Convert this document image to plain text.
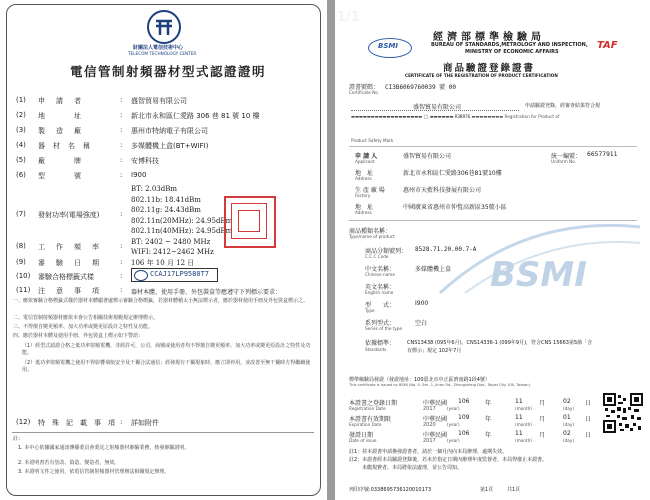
財團法人電信技術中心
TELECOM TECHNOLOGY CENTER
電信管制射頻器材型式認證證明
(1) 申　請　者	: 盛智貿易有限公司
(2) 地　　　址	: 新北市永和區仁愛路 306 巷 81 號 10 樓
(3) 製　造　廠	: 惠州市特納電子有限公司
(4) 器　材　名　稱	: 多媒體機上盒(BT+WIFI)
(5) 廠　　　牌	: 安博科技
(6) 型　　　號	: I900
(7) 發射功率(電場強度)	:
BT: 2.03dBm
802.11b: 18.41dBm
802.11g: 24.43dBm
802.11n(20MHz): 24.95dBm
802.11n(40MHz): 24.95dBm
(8) 工　作　頻　率	: BT: 2402 ~ 2480 MHz
WIFI: 2412~2462 MHz
(9) 審　驗　日　期	: 106 年 10 月 12 日
(10) 審驗合格標籤式樣	:	CCAJ17LP9580T7
(11) 注　意　事　項	: 器材本體、使用手冊、外包裝盒等應遵守下列標示要求：
一、應依審驗合格標籤式樣於器材本體顯著處標示審驗合格標籤，若器材體積太小無法標示者，應於器材使用手冊及外包裝盒標示之。
二、電信管制射頻器材應依本會公告相關技術規範規定辦理標示。
三、不得擅自變更頻率、加大功率或變更原設計之特性及功能。
四、應於器材本體及使用手冊、外包裝盒上標示如下警語：
（1）經型式認證合格之低功率射頻電機，非經許可，公司、商號或使用者均不得擅自變更頻率、加大功率或變更原設計之特性及功能。
（2）低功率射頻電機之使用不得影響飛航安全及干擾合法通信；經發現有干擾現象時，應立即停用，並改善至無干擾時方得繼續使用。
(12) 特　殊　記　載　事　項 : 詳如附件
註：
1. 本中心依據國家通訊傳播委員會委託之射頻器材審驗業務，核發審驗證明。
2. 本證明書若有塗改、偽造、變造者，無效。
3. 本證明文件之使用，依電信管制射頻器材管理辦法相關規定辦理。
1/1
BSMI
BSMI
經濟部標準檢驗局
BUREAU OF STANDARDS,METROLOGY AND INSPECTION,
MINISTRY OF ECONOMIC AFFAIRS
TAF
商品驗證登錄證書
CERTIFICATE OF THE REGISTRATION OF PRODUCT CERTIFICATION
證書號碼： CI3B6069760039 號 00
Certificate No.
盛智貿易有限公司	申請驗證登錄，經審查結果符合規
▬▬▬▬▬▬▬▬▬▬▬▬▬▬▬▬▬▬ ◯ ▬▬▬▬▬▬ R3B976 ▬▬▬▬▬▬▬▬ Registration for Product of
Product Safety Mark
申 請 人	盛智貿易有限公司
Applicant
統一編號： 66577911
Uniform No.
地　址	新北市永和區仁愛路306巷81號10樓
Address
生 產 廠 場	惠州市天藍科技發展有限公司
Factory
地　址	中國廣東省惠州市仲愷高新區35號小區
Address
商品種類名稱：
Type/name of product
商品分類號列： 8528.71.20.00.7-A
C.C.C Code
中文名稱：	多媒體機上盒
Chinese name
英文名稱：
English name
型　　式：	I900
Type
系列型式：	空白
Series of the type
依據標準： CNS13438 (095年6月)、CNS14336-1 (099年9月)，符合CNS 15663第5節「含
Standards	有標示」規定 102年7月
標準檢驗局發證（發證地址：100臺北市中正區濟南路1段4號）
This certificate is issued by BSMI (No. 4, Sec. 1, Jinan Rd., Zhongzheng Dist., Taipei City 100, Taiwan)
本證書之登錄日期
Registration Date
中華民國 106
2017
年
(year)
11	月
(month)
02 日
(day)
本證書有效期限
Expiration Date
中華民國 109
2020
年
(year)
11	月
(month)
01 日
(day)
發證日期
Date of issue
中華民國 106
2017
年
(year)
11	月
(month)
02 日
(day)
註1：持本證書申請換發證書者，請於一個月內向本局辦理，逾期失效。
註2：本證書經本局驗證登錄後，若未於指定日期內辦理年度監督者，本局得廢止本證書。
未繳規費者，本局將依法處理，並公告周知。
列印序號:0338695736120010173	第1頁	共1頁
